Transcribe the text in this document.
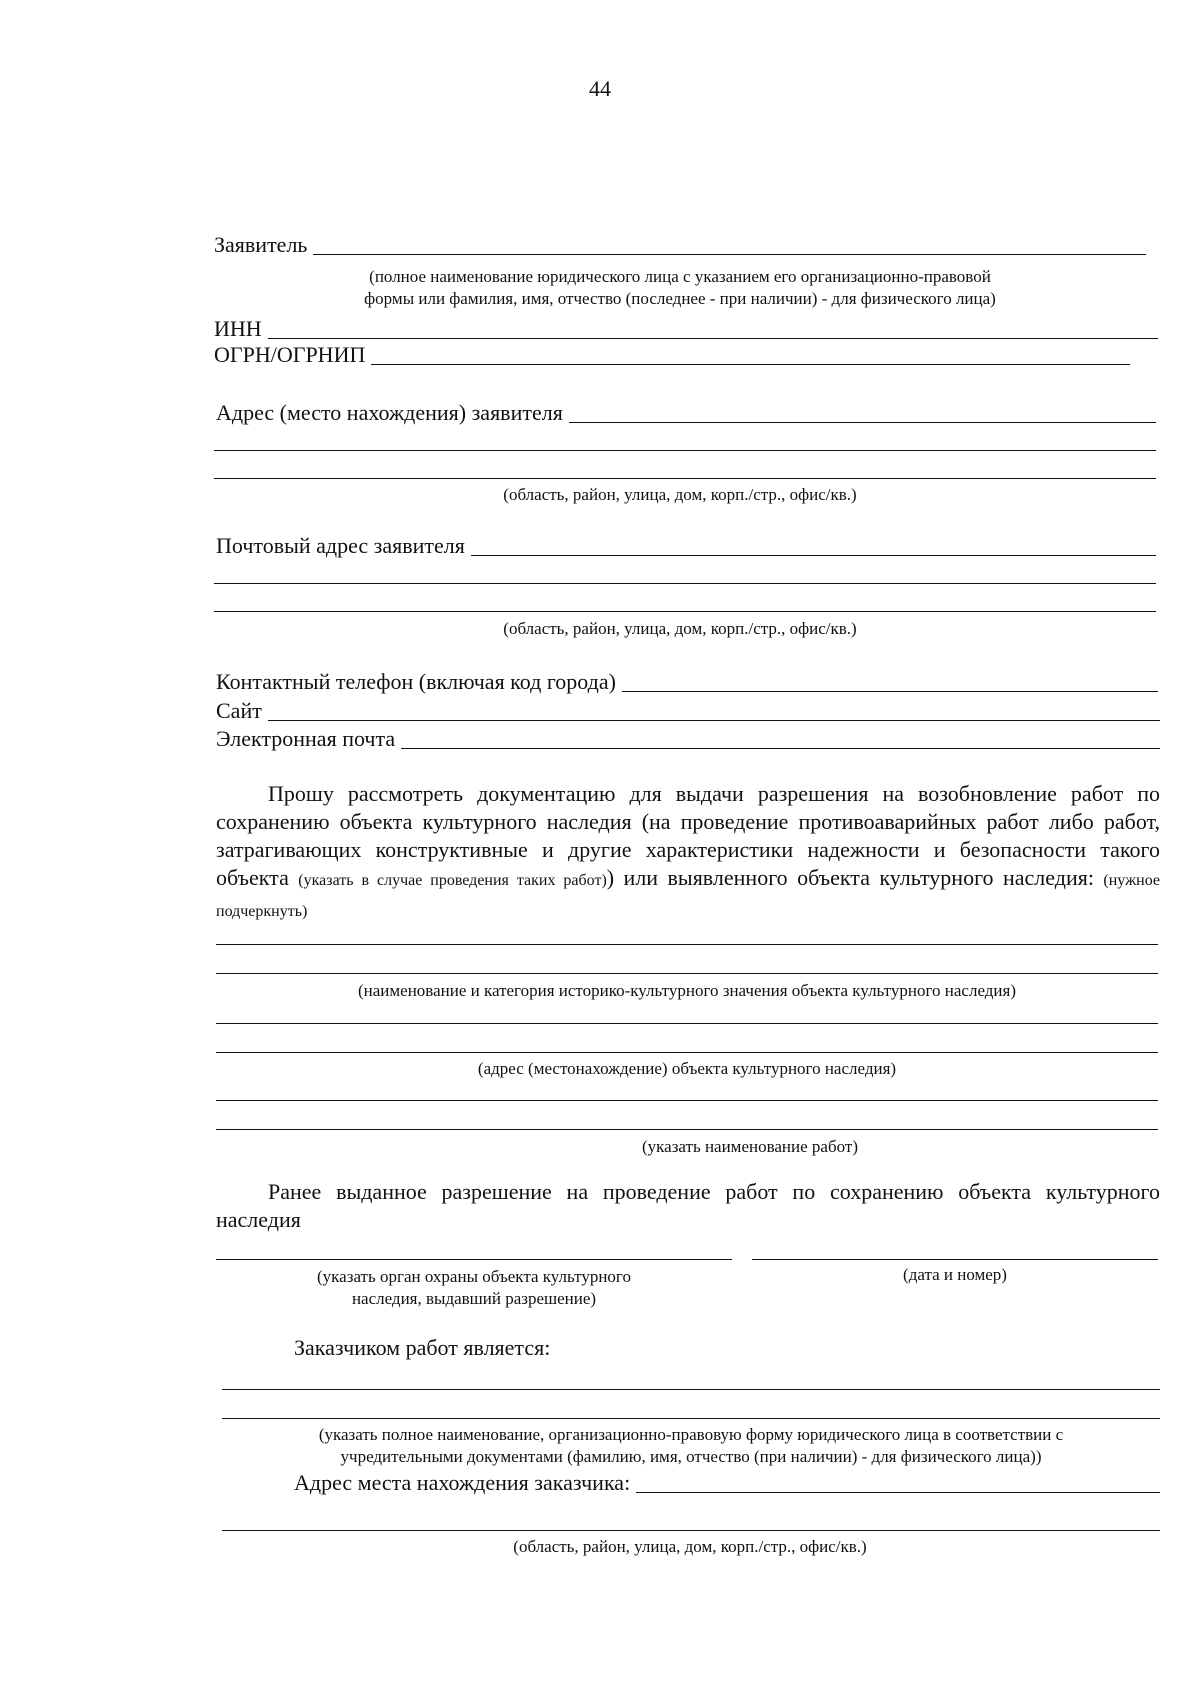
44
Заявитель
(полное наименование юридического лица с указанием его организационно-правовой
формы или фамилия, имя, отчество (последнее - при наличии) - для физического лица)
ИНН
ОГРН/ОГРНИП
Адрес (место нахождения) заявителя
(область, район, улица, дом, корп./стр., офис/кв.)
Почтовый адрес заявителя
(область, район, улица, дом, корп./стр., офис/кв.)
Контактный телефон (включая код города)
Сайт
Электронная почта
Прошу рассмотреть документацию для выдачи разрешения на возобновление работ по сохранению объекта культурного наследия (на проведение противоаварийных работ либо работ, затрагивающих конструктивные и другие характеристики надежности и безопасности такого объекта (указать в случае проведения таких работ)) или выявленного объекта культурного наследия: (нужное подчеркнуть)
(наименование и категория историко-культурного значения объекта культурного наследия)
(адрес (местонахождение) объекта культурного наследия)
(указать наименование работ)
Ранее выданное разрешение на проведение работ по сохранению объекта культурного наследия
(указать орган охраны объекта культурного
наследия, выдавший разрешение)
(дата и номер)
Заказчиком работ является:
(указать полное наименование, организационно-правовую форму юридического лица в соответствии с
учредительными документами (фамилию, имя, отчество (при наличии) - для физического лица))
Адрес места нахождения заказчика:
(область, район, улица, дом, корп./стр., офис/кв.)
